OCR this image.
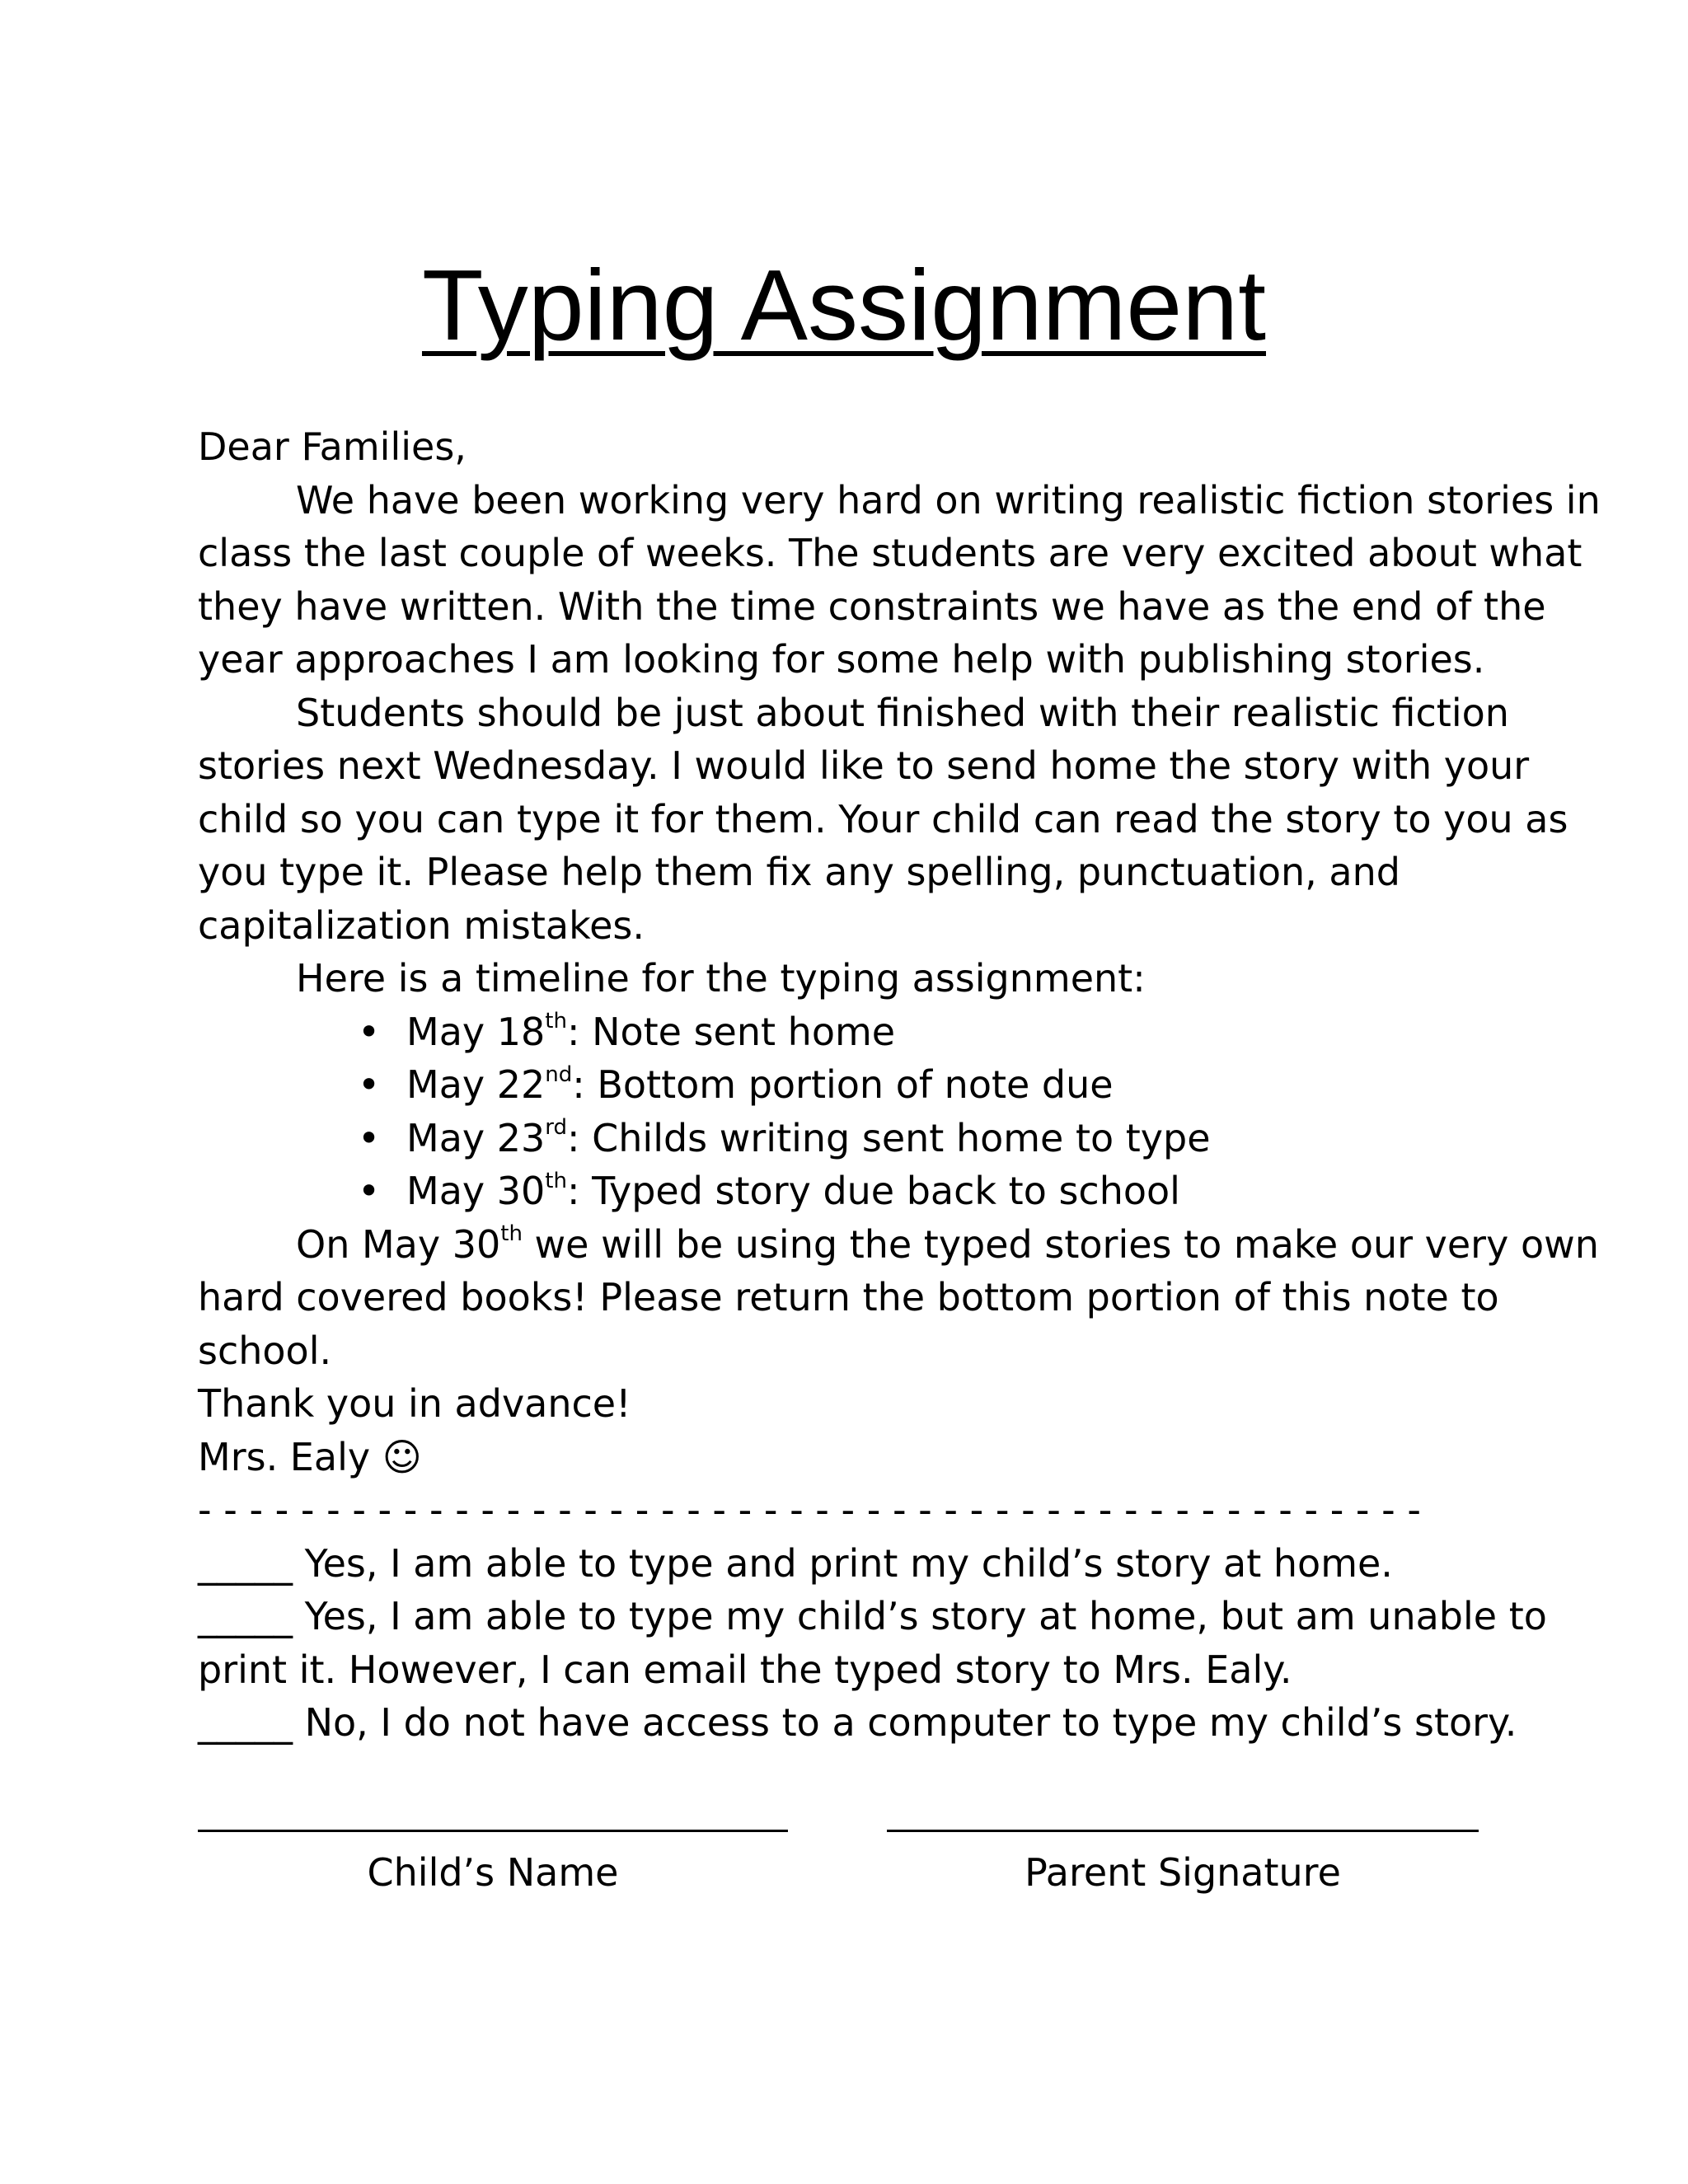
Typing Assignment
Dear Families,
We have been working very hard on writing realistic fiction stories in
class the last couple of weeks. The students are very excited about what
they have written. With the time constraints we have as the end of the
year approaches I am looking for some help with publishing stories.
Students should be just about finished with their realistic fiction
stories next Wednesday. I would like to send home the story with your
child so you can type it for them. Your child can read the story to you as
you type it. Please help them fix any spelling, punctuation, and
capitalization mistakes.
Here is a timeline for the typing assignment:
• May 18th: Note sent home
• May 22nd: Bottom portion of note due
• May 23rd: Childs writing sent home to type
• May 30th: Typed story due back to school
On May 30th we will be using the typed stories to make our very own
hard covered books! Please return the bottom portion of this note to
school.
Thank you in advance!
Mrs. Ealy ☺
- - - - - - - - - - - - - - - - - - - - - - - - - - - - - - - - - - - - - - - - - - - - - - - -
_____ Yes, I am able to type and print my child’s story at home.
_____ Yes, I am able to type my child’s story at home, but am unable to
print it. However, I can email the typed story to Mrs. Ealy.
_____ No, I do not have access to a computer to type my child’s story.
Child’s Name	Parent Signature
